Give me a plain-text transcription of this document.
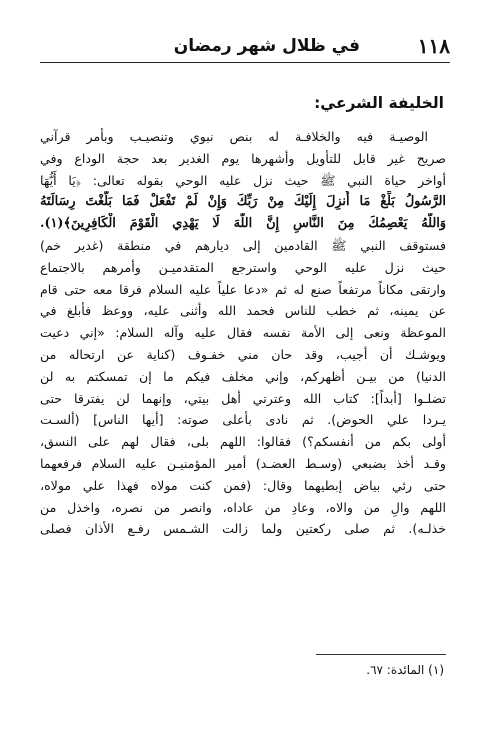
١١٨
في ظلال شهر رمضان
الخليفة الشرعي:
الوصيـة فيه والخلافـة له بنص نبوي وتنصيـب وبأمر قرآني
صريح غير قابل للتأويل وأشهرها يوم الغدير بعد حجة الوداع وفي
أواخر حياة النبي ﷺ حيث نزل عليه الوحي بقوله تعالى: ﴿يَا أَيُّهَا
الرَّسُولُ بَلِّغْ مَا أُنزِلَ إِلَيْكَ مِنْ رَبِّكَ وَإِنْ لَمْ تَفْعَلْ فَمَا بَلَّغْتَ رِسَالَتَهُ
وَاللَّهُ يَعْصِمُكَ مِنَ النَّاسِ إِنَّ اللَّهَ لَا يَهْدِي الْقَوْمَ الْكَافِرِينَ﴾(١).
فستوقف النبي ﷺ القادمين إلى ديارهم في منطقة (غدير خم)
حيث نزل عليه الوحي واسترجع المتقدميـن وأمرهم بالاجتماع
وارتقى مكاناً مرتفعاً صنع له ثم «دعا علياً عليه السلام فرقا معه حتى قام
عن يمينه، ثم خطب للناس فحمد الله وأثنى عليه، ووعظ فأبلغ في
الموعظة ونعى إلى الأمة نفسه فقال عليه وآله السلام: «إني دعيت
ويوشـك أن أجيب، وقد حان مني خفـوف (كناية عن ارتحاله من
الدنيا) من بيـن أظهركم، وإني مخلف فيكم ما إن تمسكتم به لن
تضلـوا [أبداً]: كتاب الله وعترتي أهل بيتي، وإنهما لن يفترقا حتى
يـردا علي الحوض). ثم نادى بأعلى صوته: [أيها الناس] (ألسـت
أولى بكم من أنفسكم؟) فقالوا: اللهم بلى، فقال لهم على النسق،
وقـد أخذ بضبعي (وسـط العضـد) أمير المؤمنيـن عليه السلام فرفعهما
حتى رئي بياض إبطيهما وقال: (فمن كنت مولاه فهذا علي مولاه،
اللهم والِ من والاه، وعادِ من عاداه، وانصر من نصره، واخذل من
خذلـه). ثم صلى ركعتين ولما زالت الشـمس رفـع الأذان فصلى
(١) المائدة: ٦٧.
